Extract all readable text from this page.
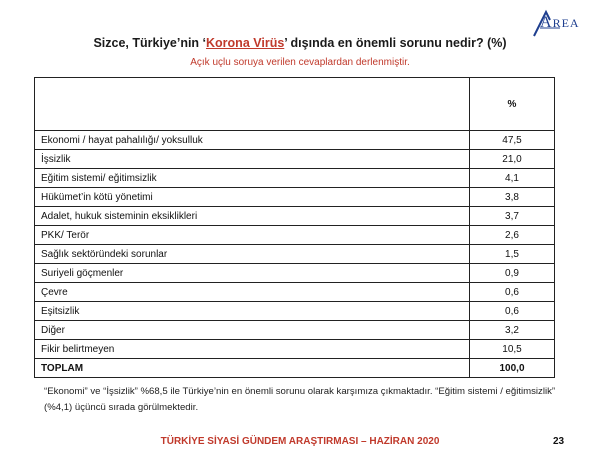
Sizce, Türkiye’nin ‘Korona Virüs’ dışında en önemli sorunu nedir? (%)
Açık uçlu soruya verilen cevaplardan derlenmiştir.
AREA
	%
Ekonomi / hayat pahalılığı/ yoksulluk	47,5
İşsizlik	21,0
Eğitim sistemi/ eğitimsizlik	4,1
Hükümet’in kötü yönetimi	3,8
Adalet, hukuk sisteminin eksiklikleri	3,7
PKK/ Terör	2,6
Sağlık sektöründeki sorunlar	1,5
Suriyeli göçmenler	0,9
Çevre	0,6
Eşitsizlik	0,6
Diğer	3,2
Fikir belirtmeyen	10,5
TOPLAM	100,0
“Ekonomi” ve “İşsizlik” %68,5 ile Türkiye’nin en önemli sorunu olarak karşımıza çıkmaktadır. “Eğitim sistemi / eğitimsizlik” (%4,1) üçüncü sırada görülmektedir.
TÜRKİYE SİYASİ GÜNDEM ARAŞTIRMASI – HAZİRAN 2020	23
